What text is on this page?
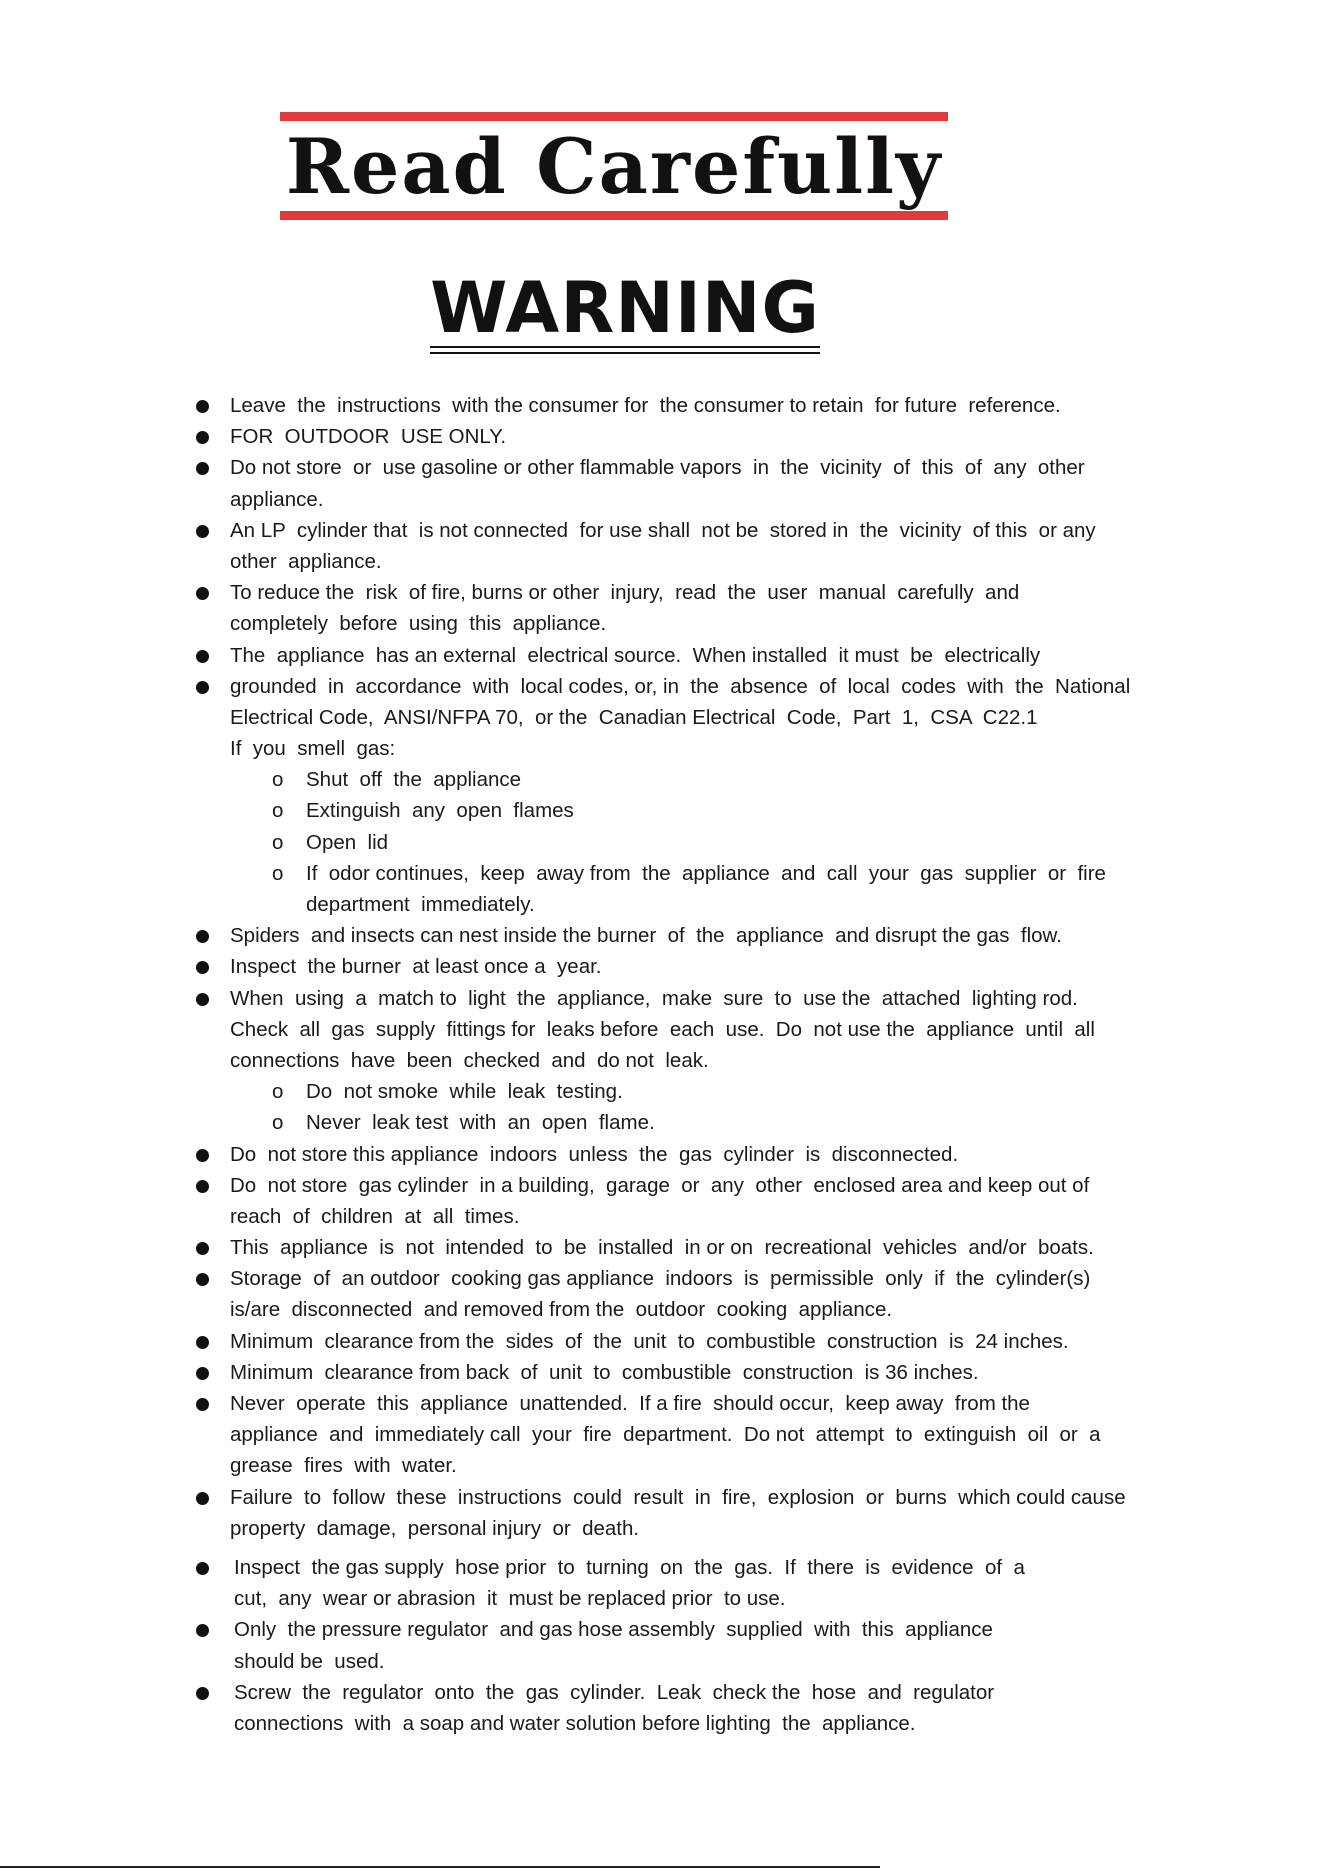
Read Carefully
WARNING
Leave  the  instructions  with the consumer for  the consumer to retain  for future  reference.
FOR  OUTDOOR  USE ONLY.
Do not store  or  use gasoline or other flammable vapors  in  the  vicinity  of  this  of  any  other
appliance.
An LP  cylinder that  is not connected  for use shall  not be  stored in  the  vicinity  of this  or any
other  appliance.
To reduce the  risk  of fire, burns or other  injury,  read  the  user  manual  carefully  and
completely  before  using  this  appliance.
The  appliance  has an external  electrical source.  When installed  it must  be  electrically
grounded  in  accordance  with  local codes, or, in  the  absence  of  local  codes  with  the  National
Electrical Code,  ANSI/NFPA 70,  or the  Canadian Electrical  Code,  Part  1,  CSA  C22.1
If  you  smell  gas:
o Shut  off  the  appliance
o Extinguish  any  open  flames
o Open  lid
o If  odor continues,  keep  away from  the  appliance  and  call  your  gas  supplier  or  fire
department  immediately.
Spiders  and insects can nest inside the burner  of  the  appliance  and disrupt the gas  flow.
Inspect  the burner  at least once a  year.
When  using  a  match to  light  the  appliance,  make  sure  to  use the  attached  lighting rod.
Check  all  gas  supply  fittings for  leaks before  each  use.  Do  not use the  appliance  until  all
connections  have  been  checked  and  do not  leak.
o Do  not smoke  while  leak  testing.
o Never  leak test  with  an  open  flame.
Do  not store this appliance  indoors  unless  the  gas  cylinder  is  disconnected.
Do  not store  gas cylinder  in a building,  garage  or  any  other  enclosed area and keep out of
reach  of  children  at  all  times.
This  appliance  is  not  intended  to  be  installed  in or on  recreational  vehicles  and/or  boats.
Storage  of  an outdoor  cooking gas appliance  indoors  is  permissible  only  if  the  cylinder(s)
is/are  disconnected  and removed from the  outdoor  cooking  appliance.
Minimum  clearance from the  sides  of  the  unit  to  combustible  construction  is  24 inches.
Minimum  clearance from back  of  unit  to  combustible  construction  is 36 inches.
Never  operate  this  appliance  unattended.  If a fire  should occur,  keep away  from the
appliance  and  immediately call  your  fire  department.  Do not  attempt  to  extinguish  oil  or  a
grease  fires  with  water.
Failure  to  follow  these  instructions  could  result  in  fire,  explosion  or  burns  which could cause
property  damage,  personal injury  or  death.
Inspect  the gas supply  hose prior  to  turning  on  the  gas.  If  there  is  evidence  of  a
cut,  any  wear or abrasion  it  must be replaced prior  to use.
Only  the pressure regulator  and gas hose assembly  supplied  with  this  appliance
should be  used.
Screw  the  regulator  onto  the  gas  cylinder.  Leak  check the  hose  and  regulator
connections  with  a soap and water solution before lighting  the  appliance.
